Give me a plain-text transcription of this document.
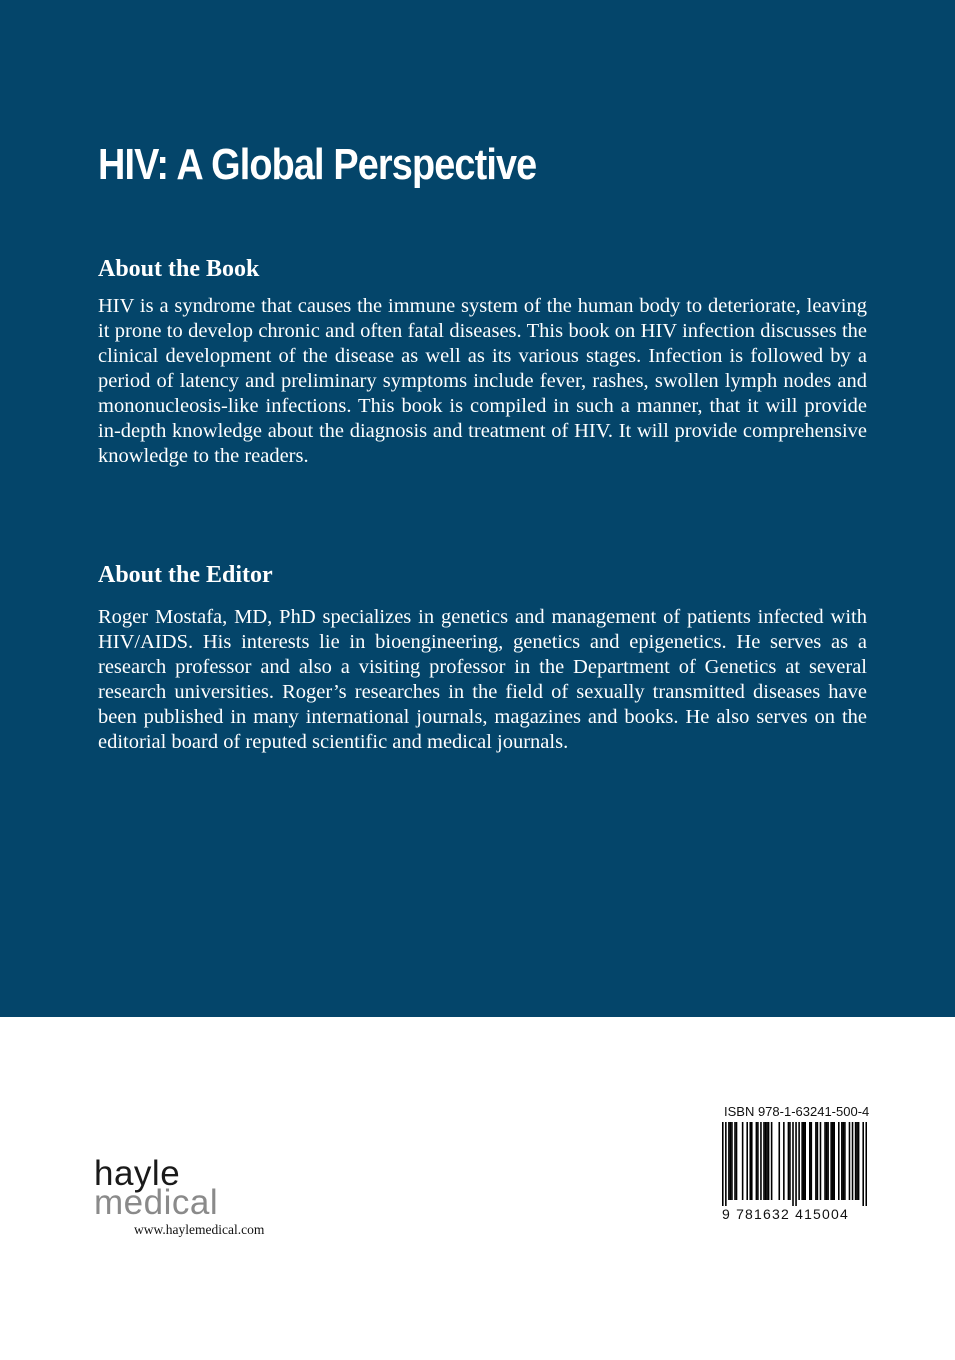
HIV: A Global Perspective
About the Book

HIV is a syndrome that causes the immune system of the human body to deteriorate, leaving it prone to develop chronic and often fatal diseases. This book on HIV infection discusses the clinical development of the disease as well as its various stages. Infection is followed by a period of latency and preliminary symptoms include fever, rashes, swollen lymph nodes and mononucleosis-like infections. This book is compiled in such a manner, that it will provide in-depth knowledge about the diagnosis and treatment of HIV. It will provide comprehensive knowledge to the readers.

About the Editor

Roger Mostafa, MD, PhD specializes in genetics and management of patients infected with HIV/AIDS. His interests lie in bioengineering, genetics and epigenetics. He serves as a research professor and also a visiting professor in the Department of Genetics at several research universities. Roger’s researches in the field of sexually transmitted diseases have been published in many international journals, magazines and books. He also serves on the editorial board of reputed scientific and medical journals.

hayle
medical
www.haylemedical.com
ISBN 978-1-63241-500-4
9 781632 415004
